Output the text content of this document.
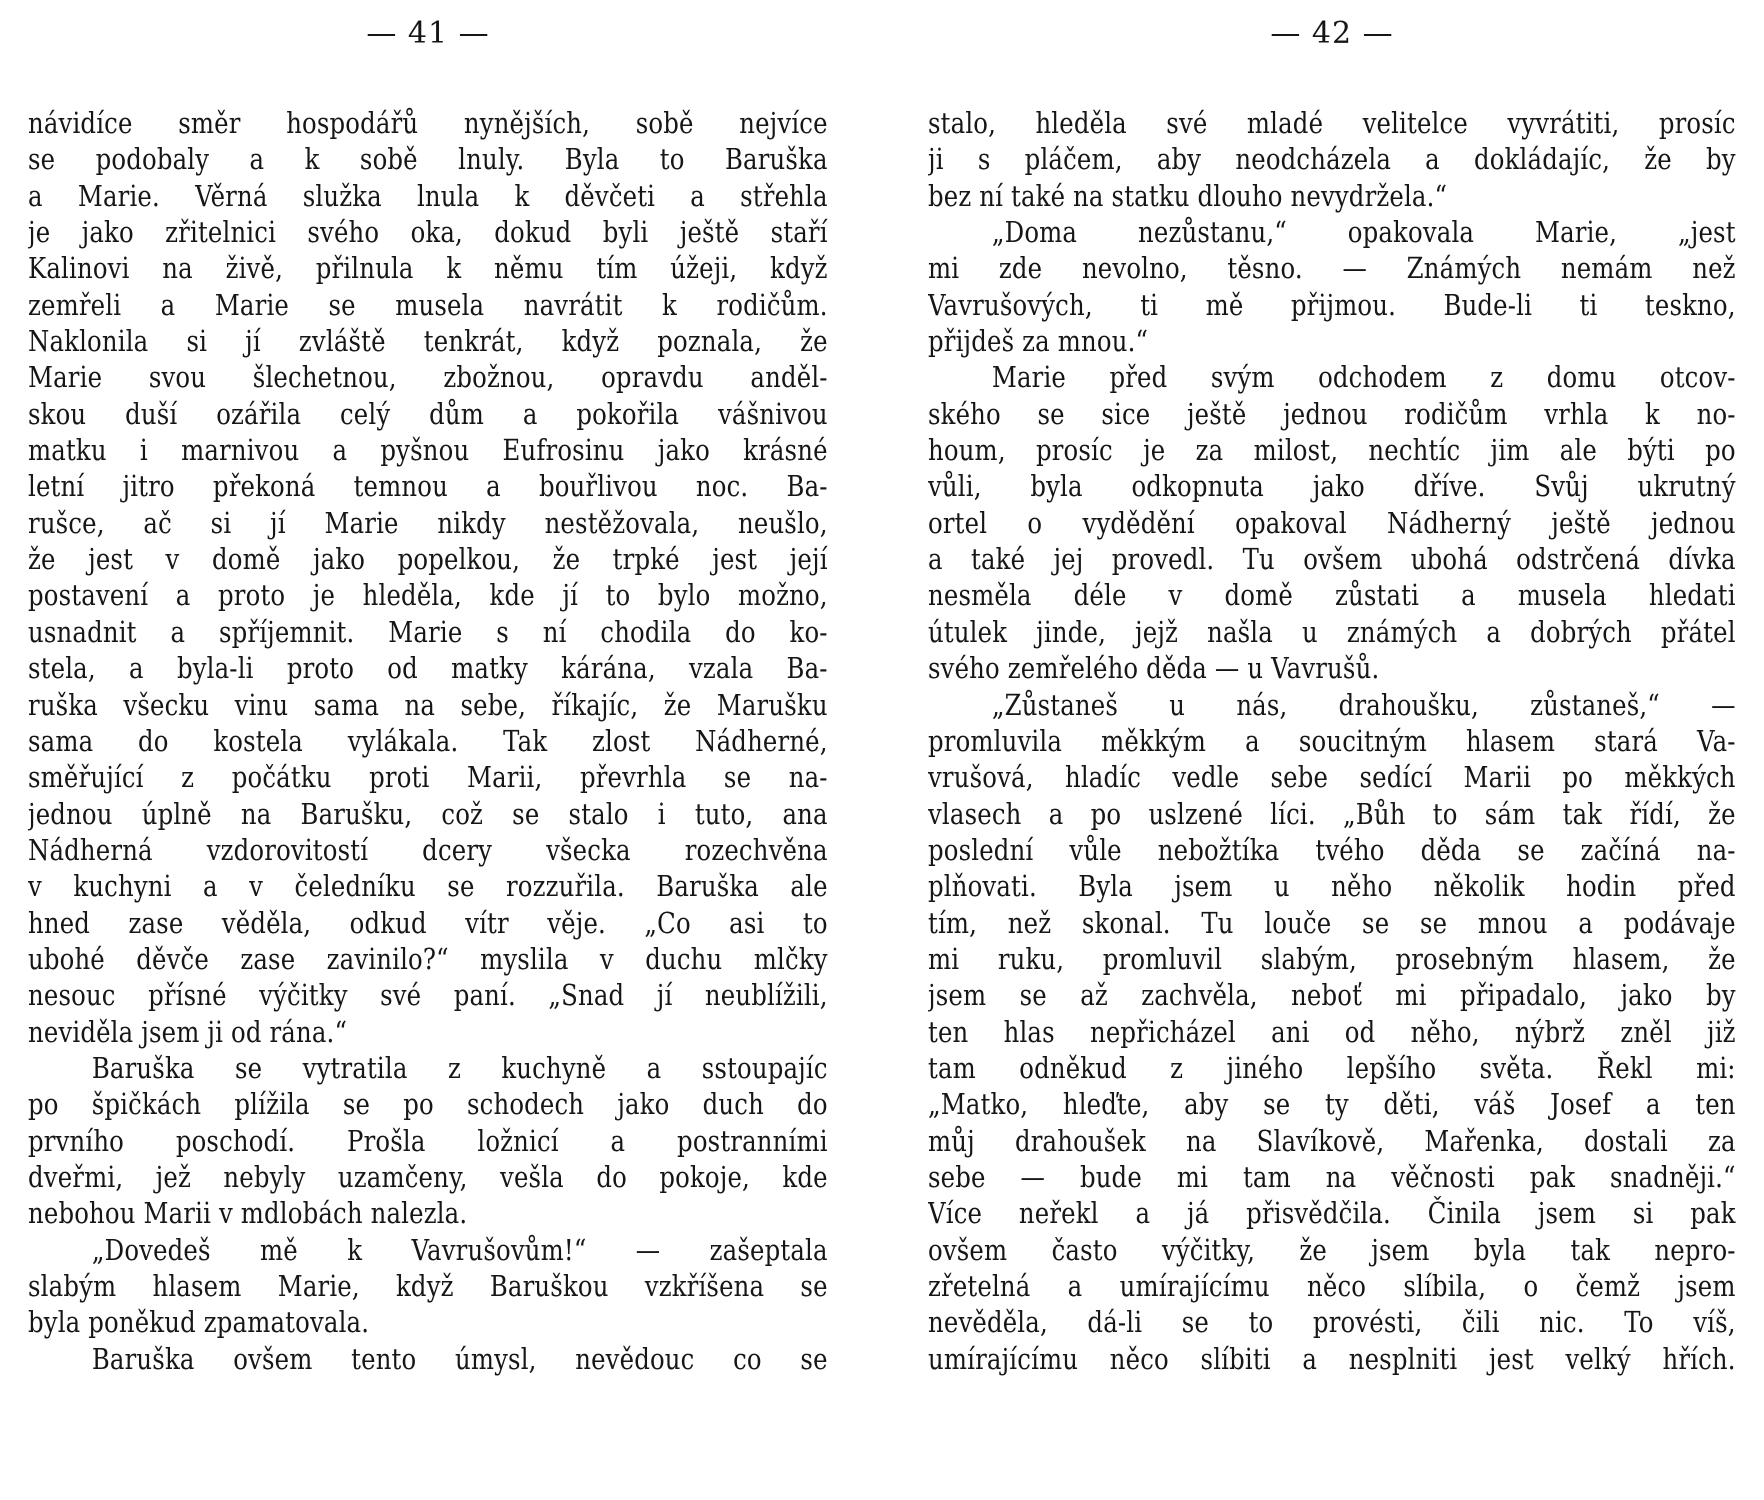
— 41 —
návidíce směr hospodářů nynějších, sobě nejvíce
se podobaly a k sobě lnuly. Byla to Baruška
a Marie. Věrná služka lnula k děvčeti a střehla
je jako zřitelnici svého oka, dokud byli ještě staří
Kalinovi na živě, přilnula k němu tím úžeji, když
zemřeli a Marie se musela navrátit k rodičům.
Naklonila si jí zvláště tenkrát, když poznala, že
Marie svou šlechetnou, zbožnou, opravdu anděl-
skou duší ozářila celý dům a pokořila vášnivou
matku i marnivou a pyšnou Eufrosinu jako krásné
letní jitro překoná temnou a bouřlivou noc. Ba-
rušce, ač si jí Marie nikdy nestěžovala, neušlo,
že jest v domě jako popelkou, že trpké jest její
postavení a proto je hleděla, kde jí to bylo možno,
usnadnit a spříjemnit. Marie s ní chodila do ko-
stela, a byla-li proto od matky kárána, vzala Ba-
ruška všecku vinu sama na sebe, říkajíc, že Marušku
sama do kostela vylákala. Tak zlost Nádherné,
směřující z počátku proti Marii, převrhla se na-
jednou úplně na Barušku, což se stalo i tuto, ana
Nádherná vzdorovitostí dcery všecka rozechvěna
v kuchyni a v čeledníku se rozzuřila. Baruška ale
hned zase věděla, odkud vítr věje. „Co asi to
ubohé děvče zase zavinilo?“ myslila v duchu mlčky
nesouc přísné výčitky své paní. „Snad jí neublížili,
neviděla jsem ji od rána.“
Baruška se vytratila z kuchyně a sstoupajíc
po špičkách plížila se po schodech jako duch do
prvního poschodí. Prošla ložnicí a postranními
dveřmi, jež nebyly uzamčeny, vešla do pokoje, kde
nebohou Marii v mdlobách nalezla.
„Dovedeš mě k Vavrušovům!“ — zašeptala
slabým hlasem Marie, když Baruškou vzkříšena se
byla poněkud zpamatovala.
Baruška ovšem tento úmysl, nevědouc co se
— 42 —
stalo, hleděla své mladé velitelce vyvrátiti, prosíc
ji s pláčem, aby neodcházela a dokládajíc, že by
bez ní také na statku dlouho nevydržela.“
„Doma nezůstanu,“ opakovala Marie, „jest
mi zde nevolno, těsno. — Známých nemám než
Vavrušových, ti mě přijmou. Bude-li ti teskno,
přijdeš za mnou.“
Marie před svým odchodem z domu otcov-
ského se sice ještě jednou rodičům vrhla k no-
houm, prosíc je za milost, nechtíc jim ale býti po
vůli, byla odkopnuta jako dříve. Svůj ukrutný
ortel o vydědění opakoval Nádherný ještě jednou
a také jej provedl. Tu ovšem ubohá odstrčená dívka
nesměla déle v domě zůstati a musela hledati
útulek jinde, jejž našla u známých a dobrých přátel
svého zemřelého děda — u Vavrušů.
„Zůstaneš u nás, drahoušku, zůstaneš,“ —
promluvila měkkým a soucitným hlasem stará Va-
vrušová, hladíc vedle sebe sedící Marii po měkkých
vlasech a po uslzené líci. „Bůh to sám tak řídí, že
poslední vůle nebožtíka tvého děda se začíná na-
plňovati. Byla jsem u něho několik hodin před
tím, než skonal. Tu louče se se mnou a podávaje
mi ruku, promluvil slabým, prosebným hlasem, že
jsem se až zachvěla, neboť mi připadalo, jako by
ten hlas nepřicházel ani od něho, nýbrž zněl již
tam odněkud z jiného lepšího světa. Řekl mi:
„Matko, hleďte, aby se ty děti, váš Josef a ten
můj drahoušek na Slavíkově, Mařenka, dostali za
sebe — bude mi tam na věčnosti pak snadněji.“
Více neřekl a já přisvědčila. Činila jsem si pak
ovšem často výčitky, že jsem byla tak nepro-
zřetelná a umírajícímu něco slíbila, o čemž jsem
nevěděla, dá-li se to provésti, čili nic. To víš,
umírajícímu něco slíbiti a nesplniti jest velký hřích.
